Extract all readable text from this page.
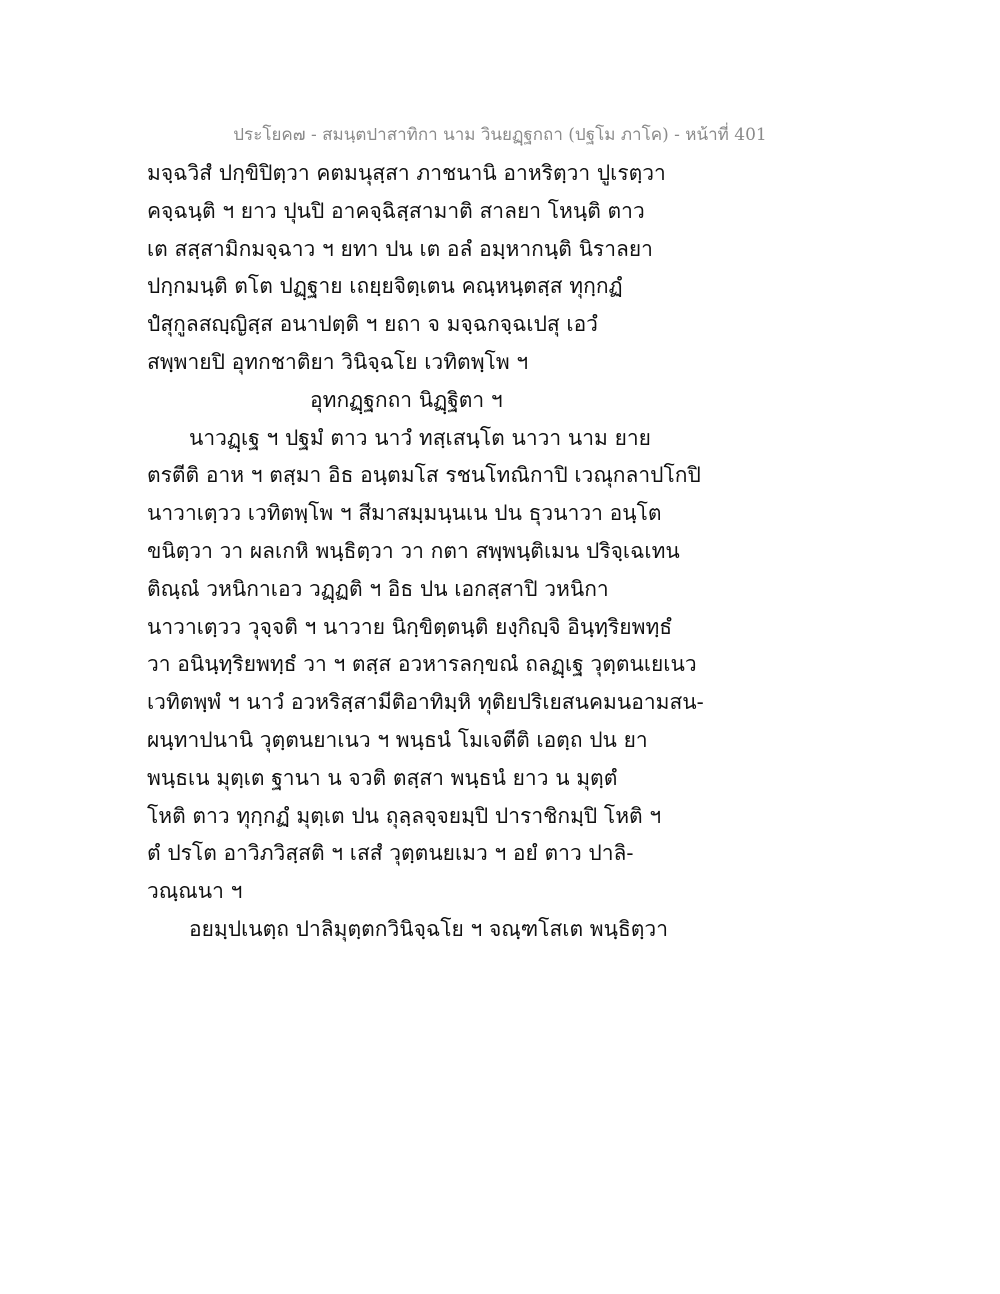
ประโยค๗ - สมนฺตปาสาทิกา นาม วินยฏฺฐกถา (ปฐโม ภาโค) - หน้าที่ 401
มจฺฉวิสํ ปกฺขิปิตฺวา คตมนุสฺสา ภาชนานิ อาหริตฺวา ปูเรตฺวา
คจฺฉนฺติ ฯ ยาว ปุนปิ อาคจฺฉิสฺสามาติ สาลยา โหนฺติ ตาว
เต สสฺสามิกมจฺฉาว ฯ ยทา ปน เต อลํ อมฺหากนฺติ นิราลยา
ปกฺกมนฺติ ตโต ปฏฺฐาย เถยฺยจิตฺเตน คณฺหนฺตสฺส ทุกฺกฏํ
ปํสุกูลสญฺญิสฺส อนาปตฺติ ฯ ยถา จ มจฺฉกจฺฉเปสุ เอวํ
สพฺพายปิ อุทกชาติยา วินิจฺฉโย เวทิตพฺโพ ฯ
อุทกฏฺฐกถา นิฏฺฐิตา ฯ
นาวฏฺเฐ ฯ ปฐมํ ตาว นาวํ ทสฺเสนฺโต นาวา นาม ยาย
ตรตีติ อาห ฯ ตสฺมา อิธ อนฺตมโส รชนโทณิกาปิ เวณุกลาปโกปิ
นาวาเตฺวว เวทิตพฺโพ ฯ สีมาสมฺมนฺนเน ปน ธุวนาวา อนฺโต
ขนิตฺวา วา ผลเกหิ พนฺธิตฺวา วา กตา สพฺพนฺติเมน ปริจฺเฉเทน
ติณฺณํ วหนิกาเอว วฏฺฏติ ฯ อิธ ปน เอกสฺสาปิ วหนิกา
นาวาเตฺวว วุจฺจติ ฯ นาวาย นิกฺขิตฺตนฺติ ยงฺกิญฺจิ อินฺทฺริยพทฺธํ
วา อนินฺทฺริยพทฺธํ วา ฯ ตสฺส อวหารลกฺขณํ ถลฏฺเฐ วุตฺตนเยเนว
เวทิตพฺพํ ฯ นาวํ อวหริสฺสามีติอาทิมฺหิ ทุติยปริเยสนคมนอามสน-
ผนฺทาปนานิ วุตฺตนยาเนว ฯ พนฺธนํ โมเจตีติ เอตฺถ ปน ยา
พนฺธเน มุตฺเต ฐานา น จวติ ตสฺสา พนฺธนํ ยาว น มุตฺตํ
โหติ ตาว ทุกฺกฏํ มุตฺเต ปน ถุลฺลจฺจยมฺปิ ปาราชิกมฺปิ โหติ ฯ
ตํ ปรโต อาวิภวิสฺสติ ฯ เสสํ วุตฺตนยเมว ฯ อยํ ตาว ปาลิ-
วณฺณนา ฯ
อยมฺปเนตฺถ ปาลิมุตฺตกวินิจฺฉโย ฯ จณฺฑโสเต พนฺธิตฺวา
